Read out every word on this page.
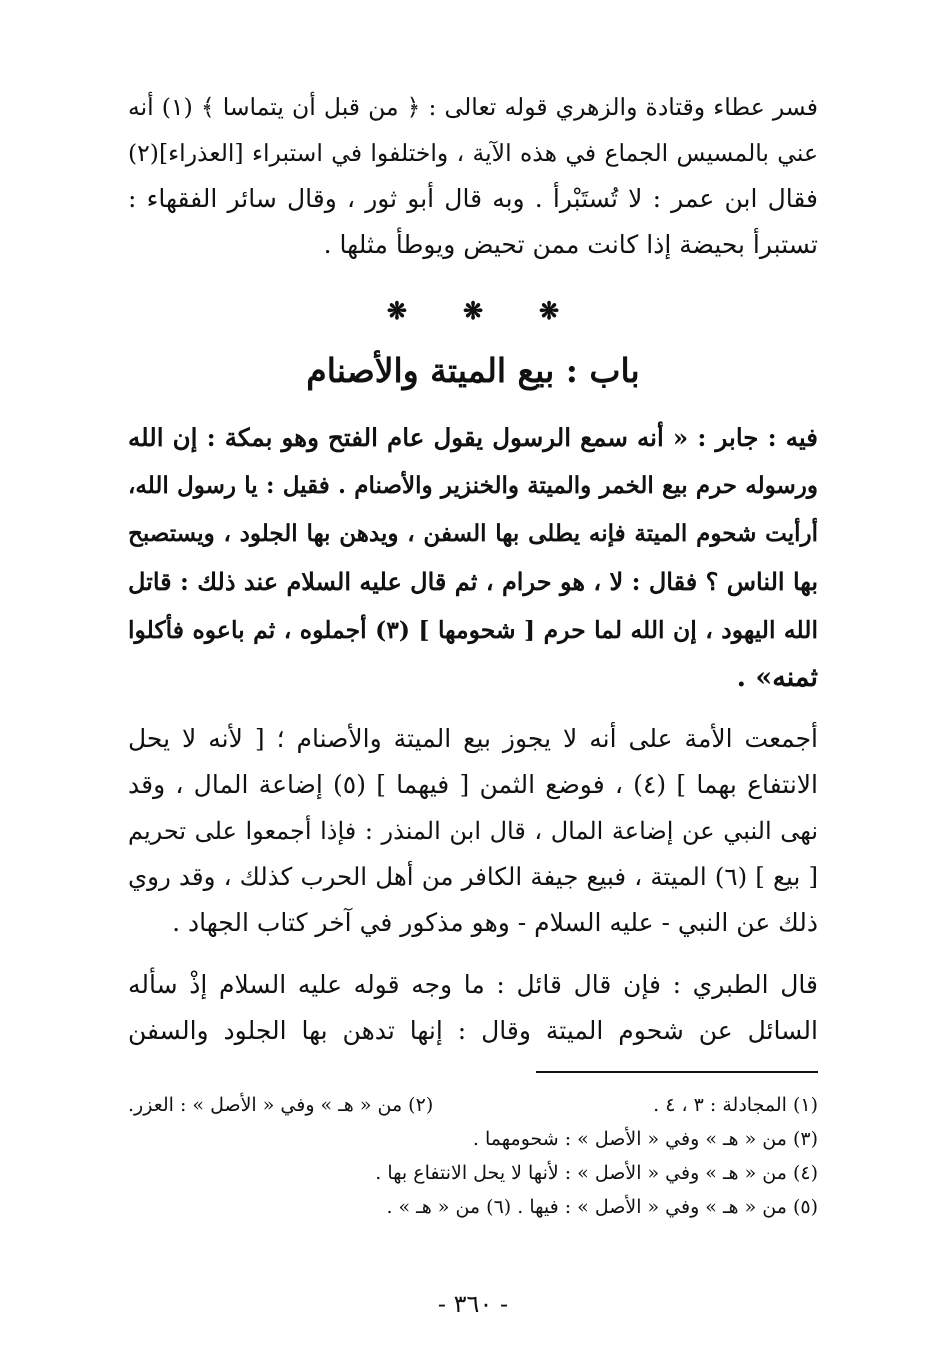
فسر عطاء وقتادة والزهري قوله تعالى : ﴿ من قبل أن يتماسا ﴾ (١) أنه
عني بالمسيس الجماع في هذه الآية ، واختلفوا في استبراء [العذراء](٢)
فقال ابن عمر : لا تُستَبْرأ . وبه قال أبو ثور ، وقال سائر الفقهاء :
تستبرأ بحيضة إذا كانت ممن تحيض ويوطأ مثلها .
❋ ❋ ❋
باب : بيع الميتة والأصنام
فيه : جابر : « أنه سمع الرسول يقول عام الفتح وهو بمكة : إن الله
ورسوله حرم بيع الخمر والميتة والخنزير والأصنام . فقيل : يا رسول الله،
أرأيت شحوم الميتة فإنه يطلى بها السفن ، ويدهن بها الجلود ، ويستصبح
بها الناس ؟ فقال : لا ، هو حرام ، ثم قال عليه السلام عند ذلك : قاتل
الله اليهود ، إن الله لما حرم [ شحومها ] (٣) أجملوه ، ثم باعوه فأكلوا
ثمنه» .
أجمعت الأمة على أنه لا يجوز بيع الميتة والأصنام ؛ [ لأنه لا يحل
الانتفاع بهما ] (٤) ، فوضع الثمن [ فيهما ] (٥) إضاعة المال ، وقد
نهى النبي عن إضاعة المال ، قال ابن المنذر : فإذا أجمعوا على تحريم
[ بيع ] (٦) الميتة ، فبيع جيفة الكافر من أهل الحرب كذلك ، وقد روي
ذلك عن النبي - عليه السلام - وهو مذكور في آخر كتاب الجهاد .
قال الطبري : فإن قال قائل : ما وجه قوله عليه السلام إذْ سأله
السائل عن شحوم الميتة وقال : إنها تدهن بها الجلود والسفن
(١) المجادلة : ٣ ، ٤ .
(٢) من « هـ » وفي « الأصل » : العزر.
(٣) من « هـ » وفي « الأصل » : شحومهما .
(٤) من « هـ » وفي « الأصل » : لأنها لا يحل الانتفاع بها .
(٥) من « هـ » وفي « الأصل » : فيها . (٦) من « هـ » .
- ٣٦٠ -
